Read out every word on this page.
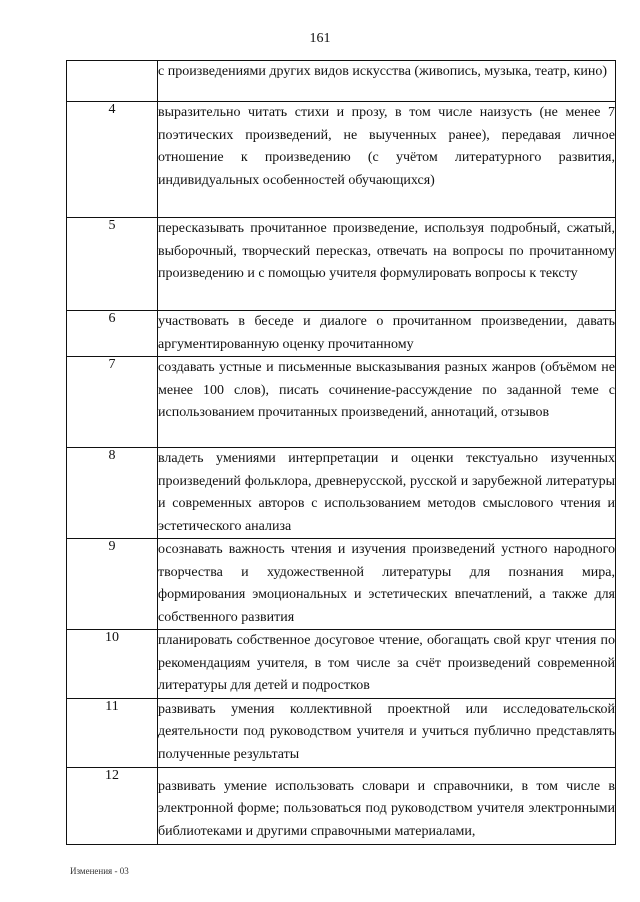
161
	с произведениями других видов искусства (живопись, музыка, театр, кино)
4	выразительно читать стихи и прозу, в том числе наизусть (не менее 7 поэтических произведений, не выученных ранее), передавая личное отношение к произведению (с учётом литературного развития, индивидуальных особенностей обучающихся)
5	пересказывать прочитанное произведение, используя подробный, сжатый, выборочный, творческий пересказ, отвечать на вопросы по прочитанному произведению и с помощью учителя формулировать вопросы к тексту
6	участвовать в беседе и диалоге о прочитанном произведении, давать аргументированную оценку прочитанному
7	создавать устные и письменные высказывания разных жанров (объёмом не менее 100 слов), писать сочинение-рассуждение по заданной теме с использованием прочитанных произведений, аннотаций, отзывов
8	владеть умениями интерпретации и оценки текстуально изученных произведений фольклора, древнерусской, русской и зарубежной литературы и современных авторов с использованием методов смыслового чтения и эстетического анализа
9	осознавать важность чтения и изучения произведений устного народного творчества и художественной литературы для познания мира, формирования эмоциональных и эстетических впечатлений, а также для собственного развития
10	планировать собственное досуговое чтение, обогащать свой круг чтения по рекомендациям учителя, в том числе за счёт произведений современной литературы для детей и подростков
11	развивать умения коллективной проектной или исследовательской деятельности под руководством учителя и учиться публично представлять полученные результаты
12	развивать умение использовать словари и справочники, в том числе в электронной форме; пользоваться под руководством учителя электронными библиотеками и другими справочными материалами,
Изменения - 03
